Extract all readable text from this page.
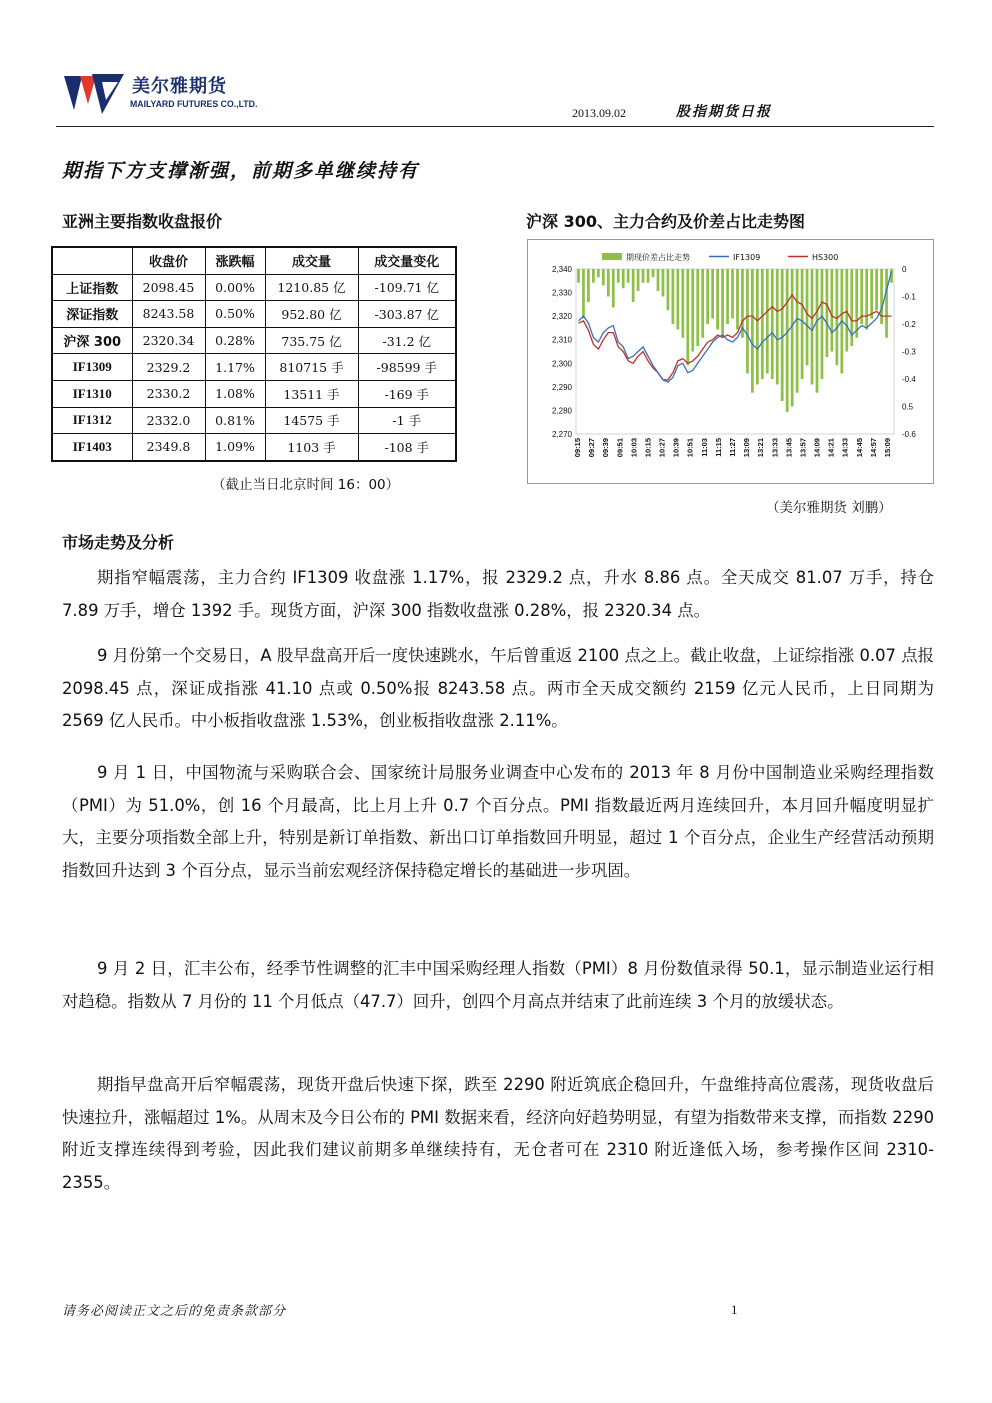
美尔雅期货
MAILYARD FUTURES CO.,LTD.
2013.09.02	股指期货日报
期指下方支撑渐强，前期多单继续持有
亚洲主要指数收盘报价	沪深 300、主力合约及价差占比走势图
	收盘价	涨跌幅	成交量	成交量变化
上证指数	2098.45	0.00%	1210.85 亿	-109.71 亿
深证指数	8243.58	0.50%	952.80 亿	-303.87 亿
沪深 300	2320.34	0.28%	735.75 亿	-31.2 亿
IF1309	2329.2	1.17%	810715 手	-98599 手
IF1310	2330.2	1.08%	13511 手	-169 手
IF1312	2332.0	0.81%	14575 手	-1 手
IF1403	2349.8	1.09%	1103 手	-108 手
（截止当日北京时间 16：00）
2,340
2,330
2,320
2,310
2,300
2,290
2,280
2,270
0
-0.1
-0.2
-0.3
-0.4
0.5
-0.6
09:15 09:27 09:39 09:51 10:03 10:15 10:27 10:39 10:51 11:03 11:15 11:27 13:09 13:21 13:33 13:45 13:57 14:09 14:21 14:33 14:45 14:57 15:09
期现价差占比走势	IF1309	HS300
（美尔雅期货 刘鹏）
市场走势及分析

期指窄幅震荡，主力合约 IF1309 收盘涨 1.17%，报 2329.2 点，升水 8.86 点。全天成交 81.07 万手，持仓 7.89 万手，增仓 1392 手。现货方面，沪深 300 指数收盘涨 0.28%，报 2320.34 点。

9 月份第一个交易日，A 股早盘高开后一度快速跳水，午后曾重返 2100 点之上。截止收盘，上证综指涨 0.07 点报 2098.45 点，深证成指涨 41.10 点或 0.50%报 8243.58 点。两市全天成交额约 2159 亿元人民币，上日同期为 2569 亿人民币。中小板指收盘涨 1.53%，创业板指收盘涨 2.11%。

9 月 1 日，中国物流与采购联合会、国家统计局服务业调查中心发布的 2013 年 8 月份中国制造业采购经理指数（PMI）为 51.0%，创 16 个月最高，比上月上升 0.7 个百分点。PMI 指数最近两月连续回升，本月回升幅度明显扩大，主要分项指数全部上升，特别是新订单指数、新出口订单指数回升明显，超过 1 个百分点，企业生产经营活动预期指数回升达到 3 个百分点，显示当前宏观经济保持稳定增长的基础进一步巩固。

9 月 2 日，汇丰公布，经季节性调整的汇丰中国采购经理人指数（PMI）8 月份数值录得 50.1，显示制造业运行相对趋稳。指数从 7 月份的 11 个月低点（47.7）回升，创四个月高点并结束了此前连续 3 个月的放缓状态。

期指早盘高开后窄幅震荡，现货开盘后快速下探，跌至 2290 附近筑底企稳回升，午盘维持高位震荡，现货收盘后快速拉升，涨幅超过 1%。从周末及今日公布的 PMI 数据来看，经济向好趋势明显，有望为指数带来支撑，而指数 2290 附近支撑连续得到考验，因此我们建议前期多单继续持有，无仓者可在 2310 附近逢低入场，参考操作区间 2310-2355。

请务必阅读正文之后的免责条款部分	1
